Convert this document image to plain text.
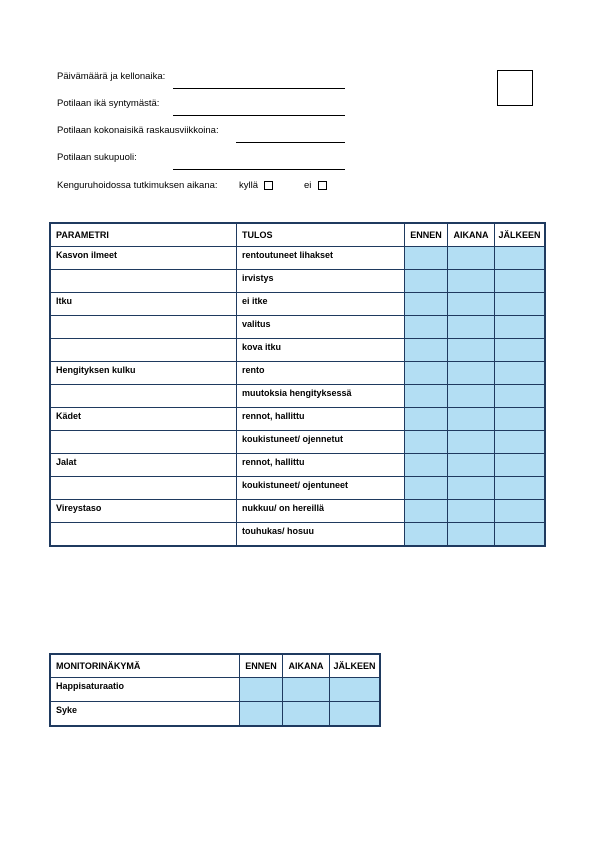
Päivämäärä ja kellonaika:
Potilaan ikä syntymästä:
Potilaan kokonaisikä raskausviikkoina:
Potilaan sukupuoli:
Kenguruhoidossa tutkimuksen aikana: kyllä	ei
PARAMETRI	TULOS	ENNEN	AIKANA	JÄLKEEN
Kasvon ilmeet	rentoutuneet lihakset			
	irvistys			
Itku	ei itke			
	valitus			
	kova itku			
Hengityksen kulku	rento			
	muutoksia hengityksessä			
Kädet	rennot, hallittu			
	koukistuneet/ ojennetut			
Jalat	rennot, hallittu			
	koukistuneet/ ojentuneet			
Vireystaso	nukkuu/ on hereillä			
	touhukas/ hosuu			
MONITORINÄKYMÄ	ENNEN	AIKANA	JÄLKEEN
Happisaturaatio			
Syke			
